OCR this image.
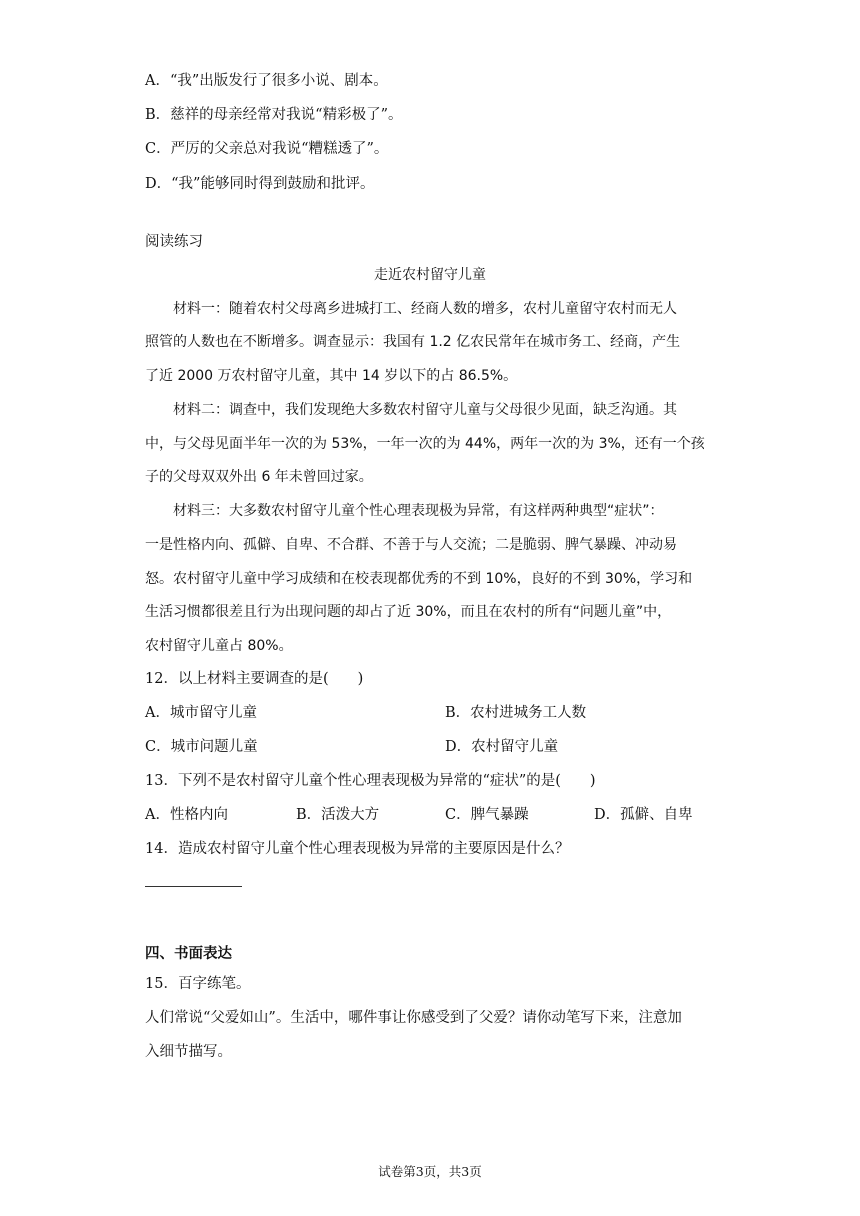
A．“我”出版发行了很多小说、剧本。
B．慈祥的母亲经常对我说“精彩极了”。
C．严厉的父亲总对我说“糟糕透了”。
D．“我”能够同时得到鼓励和批评。
阅读练习
走近农村留守儿童
材料一：随着农村父母离乡进城打工、经商人数的增多，农村儿童留守农村而无人
照管的人数也在不断增多。调查显示：我国有 1.2 亿农民常年在城市务工、经商，产生
了近 2000 万农村留守儿童，其中 14 岁以下的占 86.5%。
材料二：调查中，我们发现绝大多数农村留守儿童与父母很少见面，缺乏沟通。其
中，与父母见面半年一次的为 53%，一年一次的为 44%，两年一次的为 3%，还有一个孩
子的父母双双外出 6 年未曾回过家。
材料三：大多数农村留守儿童个性心理表现极为异常，有这样两种典型“症状”：
一是性格内向、孤僻、自卑、不合群、不善于与人交流；二是脆弱、脾气暴躁、冲动易
怒。农村留守儿童中学习成绩和在校表现都优秀的不到 10%，良好的不到 30%，学习和
生活习惯都很差且行为出现问题的却占了近 30%，而且在农村的所有“问题儿童”中，
农村留守儿童占 80%。
12．以上材料主要调查的是(　　)
A．城市留守儿童	B．农村进城务工人数
C．城市问题儿童	D．农村留守儿童
13．下列不是农村留守儿童个性心理表现极为异常的“症状”的是(　　)
A．性格内向	B．活泼大方	C．脾气暴躁	D．孤僻、自卑
14．造成农村留守儿童个性心理表现极为异常的主要原因是什么？
四、书面表达
15．百字练笔。
人们常说“父爱如山”。生活中，哪件事让你感受到了父爱？请你动笔写下来，注意加
入细节描写。
试卷第3页，共3页
